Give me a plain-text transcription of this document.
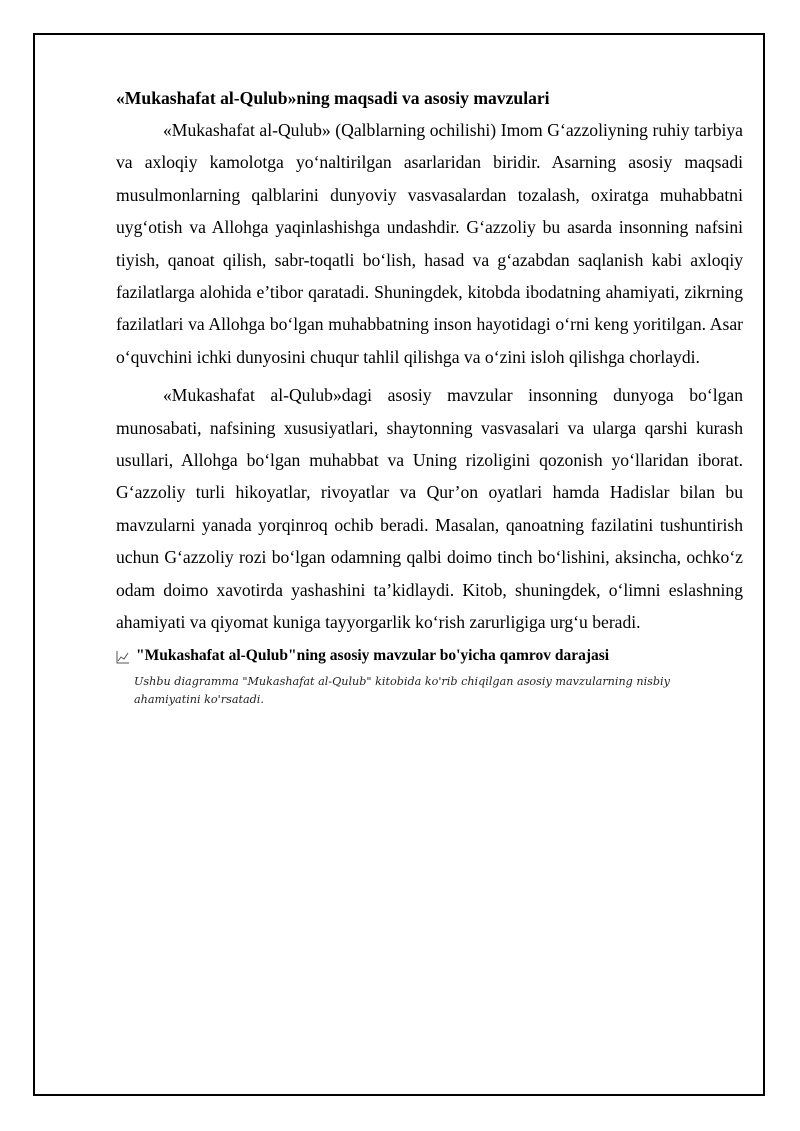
«Mukashafat al-Qulub»ning maqsadi va asosiy mavzulari

«Mukashafat al-Qulub» (Qalblarning ochilishi) Imom G‘azzoliyning ruhiy tarbiya va axloqiy kamolotga yo‘naltirilgan asarlaridan biridir. Asarning asosiy maqsadi musulmonlarning qalblarini dunyoviy vasvasalardan tozalash, oxiratga muhabbatni uyg‘otish va Allohga yaqinlashishga undashdir. G‘azzoliy bu asarda insonning nafsini tiyish, qanoat qilish, sabr-toqatli bo‘lish, hasad va g‘azabdan saqlanish kabi axloqiy fazilatlarga alohida e’tibor qaratadi. Shuningdek, kitobda ibodatning ahamiyati, zikrning fazilatlari va Allohga bo‘lgan muhabbatning inson hayotidagi o‘rni keng yoritilgan. Asar o‘quvchini ichki dunyosini chuqur tahlil qilishga va o‘zini isloh qilishga chorlaydi.

«Mukashafat al-Qulub»dagi asosiy mavzular insonning dunyoga bo‘lgan munosabati, nafsining xususiyatlari, shaytonning vasvasalari va ularga qarshi kurash usullari, Allohga bo‘lgan muhabbat va Uning rizoligini qozonish yo‘llaridan iborat. G‘azzoliy turli hikoyatlar, rivoyatlar va Qur’on oyatlari hamda Hadislar bilan bu mavzularni yanada yorqinroq ochib beradi. Masalan, qanoatning fazilatini tushuntirish uchun G‘azzoliy rozi bo‘lgan odamning qalbi doimo tinch bo‘lishini, aksincha, ochko‘z odam doimo xavotirda yashashini ta’kidlaydi. Kitob, shuningdek, o‘limni eslashning ahamiyati va qiyomat kuniga tayyorgarlik ko‘rish zarurligiga urg‘u beradi.

"Mukashafat al-Qulub"ning asosiy mavzular bo'yicha qamrov darajasi
Ushbu diagramma "Mukashafat al-Qulub" kitobida ko'rib chiqilgan asosiy mavzularning nisbiy ahamiyatini ko'rsatadi.
